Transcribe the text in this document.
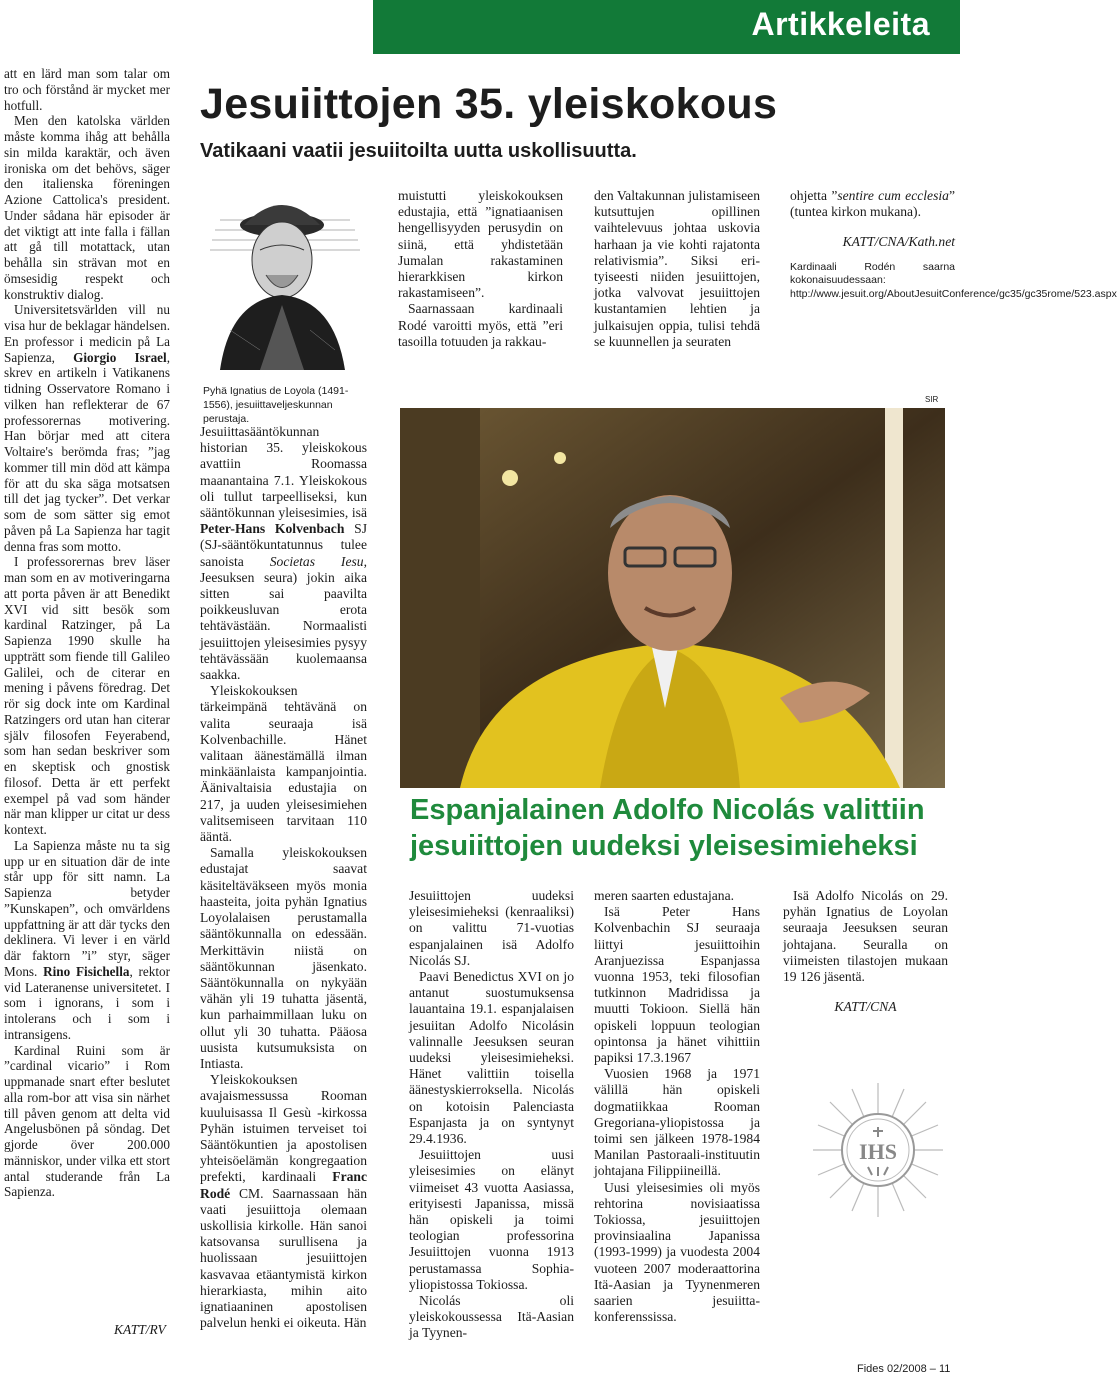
Artikkeleita

att en lärd man som talar om tro och förstånd är mycket mer hotfull.

Men den katolska världen måste komma ihåg att behålla sin milda karaktär, och även ironiska om det behövs, säger den italienska föreningen Azione Cattolica's president. Under sådana här episoder är det viktigt att inte falla i fällan att gå till motattack, utan behålla sin strävan mot en ömsesidig respekt och konstruktiv dialog.

Universitetsvärlden vill nu visa hur de beklagar händelsen. En professor i medicin på La Sapienza, Giorgio Israel, skrev en artikeln i Vatikanens tidning Osservatore Romano i vilken han reflekterar de 67 professorernas motivering. Han börjar med att citera Voltaire's berömda fras; ”jag kommer till min död att kämpa för att du ska säga motsatsen till det jag tycker”. Det verkar som de som sätter sig emot påven på La Sapienza har tagit denna fras som motto.

I professorernas brev läser man som en av motiveringarna att porta påven är att Benedikt XVI vid sitt besök som kardinal Ratzinger, på La Sapienza 1990 skulle ha uppträtt som fiende till Galileo Galilei, och de citerar en mening i påvens föredrag. Det rör sig dock inte om Kardinal Ratzingers ord utan han citerar själv filosofen Feyerabend, som han sedan beskriver som en skeptisk och gnostisk filosof. Detta är ett perfekt exempel på vad som händer när man klipper ur citat ur dess kontext.

La Sapienza måste nu ta sig upp ur en situation där de inte står upp för sitt namn. La Sapienza betyder ”Kunskapen”, och omvärldens uppfattning är att där tycks den deklinera. Vi lever i en värld där faktorn ”i” styr, säger Mons. Rino Fisichella, rektor vid Lateranense universitetet. I som i ignorans, i som i intolerans och i som i intransigens.

Kardinal Ruini som är ”cardinal vicario” i Rom uppmanade snart efter beslutet alla rom-bor att visa sin närhet till påven genom att delta vid Angelusbönen på söndag. Det gjorde över 200.000 människor, under vilka ett stort antal studerande från La Sapienza.

KATT/RV
Jesuiittojen 35. yleiskokous
Vatikaani vaatii jesuiitoilta uutta uskollisuutta.
Pyhä Ignatius de Loyola (1491-1556), jesuiittaveljeskunnan perustaja.

Jesuiittasääntökunnan historian 35. yleiskokous avattiin Roomassa maanantaina 7.1. Yleiskokous oli tullut tarpeelliseksi, kun sääntökunnan yleisesimies, isä Peter-Hans Kolvenbach SJ (SJ-sääntökuntatunnus tulee sanoista Societas Iesu, Jeesuksen seura) jokin aika sitten sai paavilta poikkeusluvan erota tehtävästään. Normaalisti jesuiittojen yleisesimies pysyy tehtävässään kuolemaansa saakka.

Yleiskokouksen tärkeimpänä tehtävänä on valita seuraaja isä Kolvenbachille. Hänet valitaan äänestämällä ilman minkäänlaista kampanjointia. Äänivaltaisia edustajia on 217, ja uuden yleisesimiehen valitsemiseen tarvitaan 110 ääntä.

Samalla yleiskokouksen edustajat saavat käsiteltäväkseen myös monia haasteita, joita pyhän Ignatius Loyolalaisen perustamalla sääntökunnalla on edessään. Merkittävin niistä on sääntökunnan jäsenkato. Sääntökunnalla on nykyään vähän yli 19 tuhatta jäsentä, kun parhaimmillaan luku on ollut yli 30 tuhatta. Pääosa uusista kutsumuksista on Intiasta.

Yleiskokouksen avajaismessussa Rooman kuuluisassa Il Gesù -kirkossa Pyhän istuimen terveiset toi Sääntökuntien ja apostolisen yhteisöelämän kongregaation prefekti, kardinaali Franc Rodé CM. Saarnassaan hän vaati jesuiittoja olemaan uskollisia kirkolle. Hän sanoi katsovansa surullisena ja huolissaan jesuiittojen kasvavaa etäantymistä kirkon hierarkiasta, mihin aito ignatiaaninen apostolisen palvelun henki ei oikeuta. Hän

muistutti yleiskokouksen edustajia, että ”ignatiaanisen hengellisyyden perusydin on siinä, että yhdistetään Jumalan rakastaminen hierarkkisen kirkon rakastamiseen”.

Saarnassaan kardinaali Rodé varoitti myös, että ”eri tasoilla totuuden ja rakkau-

den Valtakunnan julistamiseen kutsuttujen opillinen vaihtelevuus johtaa uskovia harhaan ja vie kohti rajatonta relativismia”. Siksi eri-tyiseesti niiden jesuiittojen, jotka valvovat jesuiittojen kustantamien lehtien ja julkaisujen oppia, tulisi tehdä se kuunnellen ja seuraten

ohjetta ”sentire cum ecclesia” (tuntea kirkon mukana).

KATT/CNA/Kath.net

Kardinaali Rodén saarna kokonaisuudessaan: http://www.jesuit.org/AboutJesuitConference/gc35/gc35rome/523.aspx

SIR
Espanjalainen Adolfo Nicolás valittiin jesuiittojen uudeksi yleisesimieheksi

Jesuiittojen uudeksi yleisesimieheksi (kenraaliksi) on valittu 71-vuotias espanjalainen isä Adolfo Nicolás SJ.

Paavi Benedictus XVI on jo antanut suostumuksensa lauantaina 19.1. espanjalaisen jesuiitan Adolfo Nicolásin valinnalle Jeesuksen seuran uudeksi yleisesimieheksi. Hänet valittiin toisella äänestyskierroksella. Nicolás on kotoisin Palenciasta Espanjasta ja on syntynyt 29.4.1936.

Jesuiittojen uusi yleisesimies on elänyt viimeiset 43 vuotta Aasiassa, erityisesti Japanissa, missä hän opiskeli ja toimi teologian professorina Jesuiittojen vuonna 1913 perustamassa Sophia-yliopistossa Tokiossa.

Nicolás oli yleiskokoussessa Itä-Aasian ja Tyynen-

meren saarten edustajana.

Isä Peter Hans Kolvenbachin SJ seuraaja liittyi jesuiittoihin Aranjuezissa Espanjassa vuonna 1953, teki filosofian tutkinnon Madridissa ja muutti Tokioon. Siellä hän opiskeli loppuun teologian opintonsa ja hänet vihittiin papiksi 17.3.1967

Vuosien 1968 ja 1971 välillä hän opiskeli dogmatiikkaa Rooman Gregoriana-yliopistossa ja toimi sen jälkeen 1978-1984 Manilan Pastoraali-instituutin johtajana Filippiineillä.

Uusi yleisesimies oli myös rehtorina novisiaatissa Tokiossa, jesuiittojen provinsiaalina Japanissa (1993-1999) ja vuodesta 2004 vuoteen 2007 moderaattorina Itä-Aasian ja Tyynenmeren saarien jesuiitta-konferenssissa.

Isä Adolfo Nicolás on 29. pyhän Ignatius de Loyolan seuraaja Jeesuksen seuran johtajana. Seuralla on viimeisten tilastojen mukaan 19 126 jäsentä.

KATT/CNA

IHS
Fides 02/2008 – 11
